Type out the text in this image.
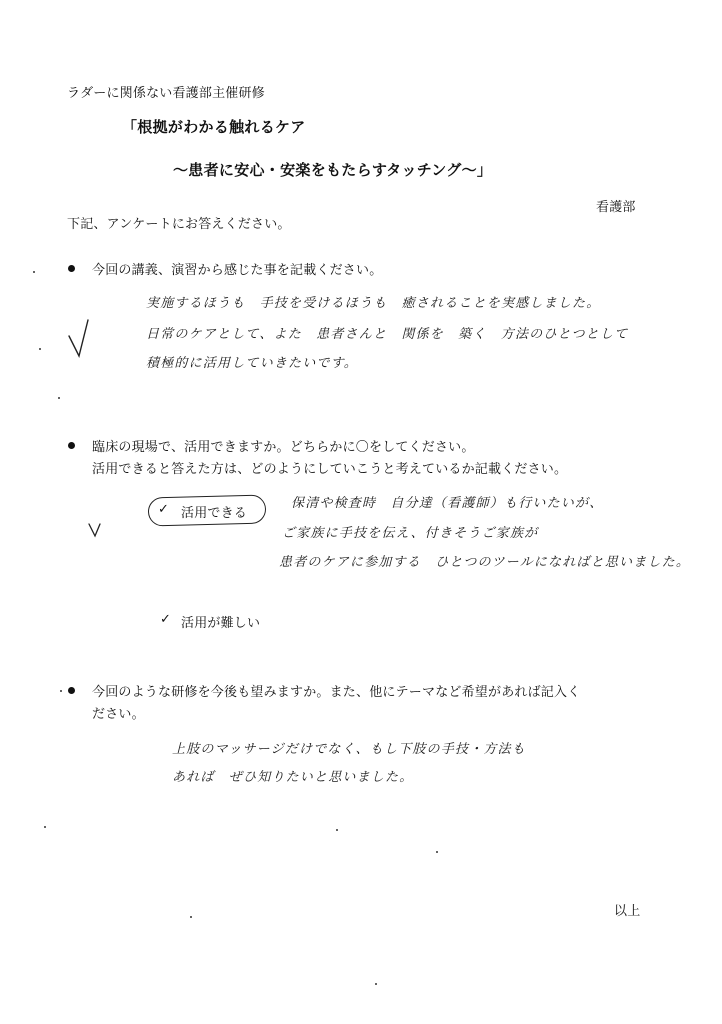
ラダーに関係ない看護部主催研修
「根拠がわかる触れるケア
～患者に安心・安楽をもたらすタッチング～」
看護部
下記、アンケートにお答えください。
今回の講義、演習から感じた事を記載ください。
実施するほうも　手技を受けるほうも　癒されることを実感しました。
日常のケアとして、よた　患者さんと　関係を　築く　方法のひとつとして
積極的に活用していきたいです。
臨床の現場で、活用できますか。どちらかに〇をしてください。
活用できると答えた方は、どのようにしていこうと考えているか記載ください。
✓ 活用できる
保清や検査時　自分達（看護師）も行いたいが、
ご家族に手技を伝え、付きそうご家族が
患者のケアに参加する　ひとつのツールになればと思いました。
✓ 活用が難しい
今回のような研修を今後も望みますか。また、他にテーマなど希望があれば記入く
ださい。
上肢のマッサージだけでなく、もし下肢の手技・方法も
あれば　ぜひ知りたいと思いました。
以上
